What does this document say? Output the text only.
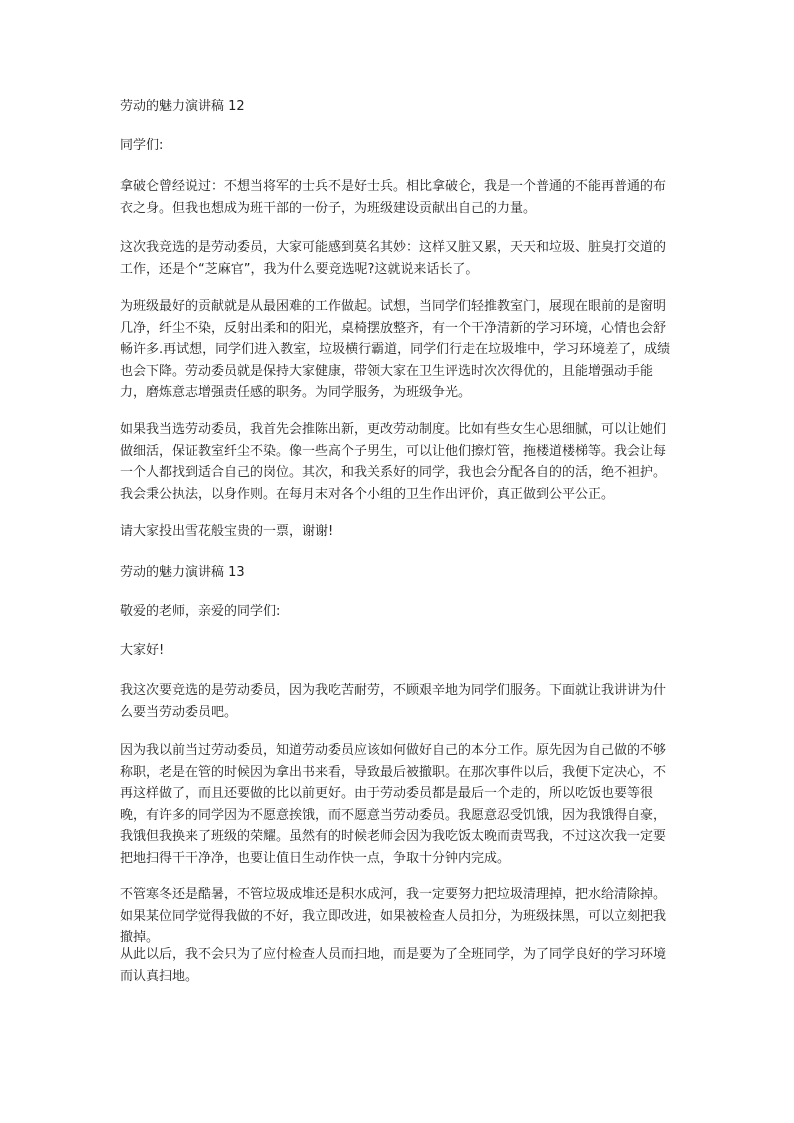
劳动的魅力演讲稿 12

同学们:

拿破仑曾经说过：不想当将军的士兵不是好士兵。相比拿破仑，我是一个普通的不能再普通的布衣之身。但我也想成为班干部的一份子，为班级建设贡献出自己的力量。

这次我竞选的是劳动委员，大家可能感到莫名其妙：这样又脏又累，天天和垃圾、脏臭打交道的工作，还是个“芝麻官”，我为什么要竞选呢?这就说来话长了。

为班级最好的贡献就是从最困难的工作做起。试想，当同学们轻推教室门，展现在眼前的是窗明几净，纤尘不染，反射出柔和的阳光，桌椅摆放整齐，有一个干净清新的学习环境，心情也会舒畅许多.再试想，同学们进入教室，垃圾横行霸道，同学们行走在垃圾堆中，学习环境差了，成绩也会下降。劳动委员就是保持大家健康，带领大家在卫生评选时次次得优的，且能增强动手能力，磨炼意志增强责任感的职务。为同学服务，为班级争光。

如果我当选劳动委员，我首先会推陈出新，更改劳动制度。比如有些女生心思细腻，可以让她们做细活，保证教室纤尘不染。像一些高个子男生，可以让他们擦灯管，拖楼道楼梯等。我会让每一个人都找到适合自己的岗位。其次，和我关系好的同学，我也会分配各自的的活，绝不袒护。我会秉公执法，以身作则。在每月末对各个小组的卫生作出评价，真正做到公平公正。

请大家投出雪花般宝贵的一票，谢谢!

劳动的魅力演讲稿 13

敬爱的老师，亲爱的同学们:

大家好!

我这次要竞选的是劳动委员，因为我吃苦耐劳，不顾艰辛地为同学们服务。下面就让我讲讲为什么要当劳动委员吧。

因为我以前当过劳动委员，知道劳动委员应该如何做好自己的本分工作。原先因为自己做的不够称职，老是在管的时候因为拿出书来看，导致最后被撤职。在那次事件以后，我便下定决心，不再这样做了，而且还要做的比以前更好。由于劳动委员都是最后一个走的，所以吃饭也要等很晚，有许多的同学因为不愿意挨饿，而不愿意当劳动委员。我愿意忍受饥饿，因为我饿得自豪，我饿但我换来了班级的荣耀。虽然有的时候老师会因为我吃饭太晚而责骂我，不过这次我一定要把地扫得干干净净，也要让值日生动作快一点，争取十分钟内完成。

不管寒冬还是酷暑，不管垃圾成堆还是积水成河，我一定要努力把垃圾清理掉，把水给清除掉。如果某位同学觉得我做的不好，我立即改进，如果被检查人员扣分，为班级抹黑，可以立刻把我撤掉。

从此以后，我不会只为了应付检查人员而扫地，而是要为了全班同学，为了同学良好的学习环境而认真扫地。
